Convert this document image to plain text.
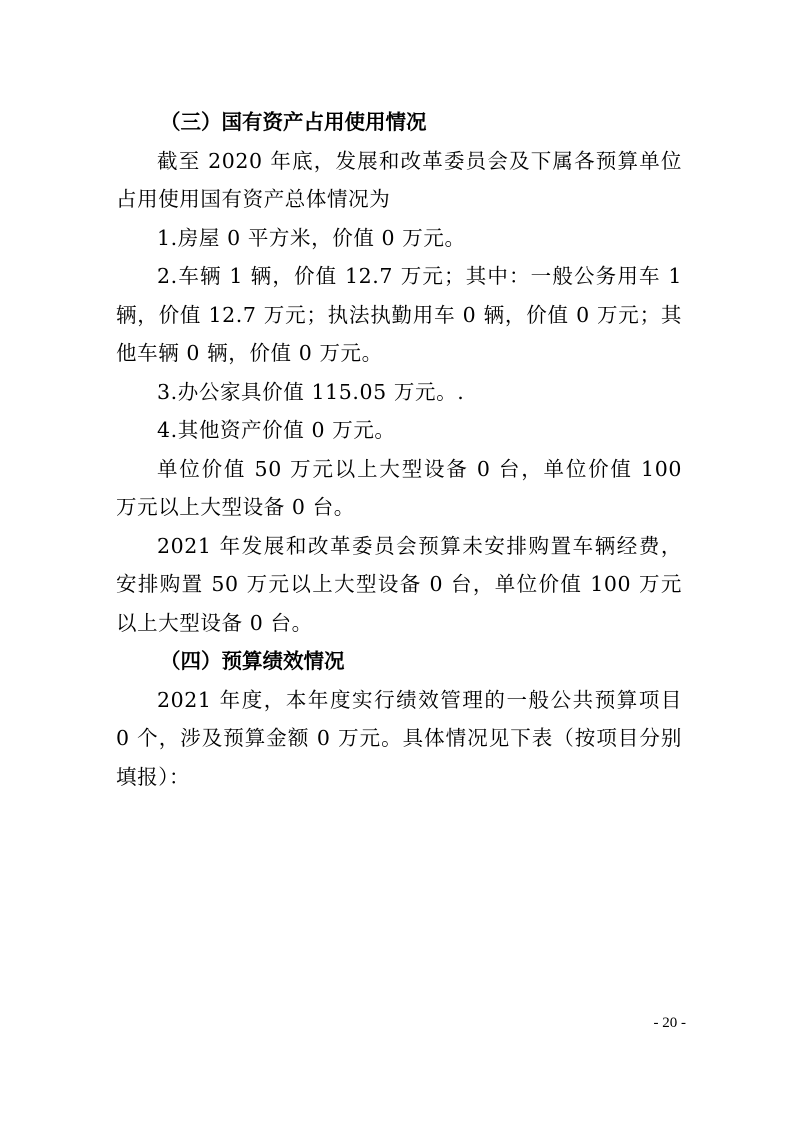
（三）国有资产占用使用情况

截至 2020 年底，发展和改革委员会及下属各预算单位占用使用国有资产总体情况为

1.房屋 0 平方米，价值 0 万元。

2.车辆 1 辆，价值 12.7 万元；其中：一般公务用车 1 辆，价值 12.7 万元；执法执勤用车 0 辆，价值 0 万元；其他车辆 0 辆，价值 0 万元。

3.办公家具价值 115.05 万元。.

4.其他资产价值 0 万元。

单位价值 50 万元以上大型设备 0 台，单位价值 100 万元以上大型设备 0 台。

2021 年发展和改革委员会预算未安排购置车辆经费，安排购置 50 万元以上大型设备 0 台，单位价值 100 万元以上大型设备 0 台。

（四）预算绩效情况

2021 年度，本年度实行绩效管理的一般公共预算项目 0 个，涉及预算金额 0 万元。具体情况见下表（按项目分别填报）：

- 20 -
